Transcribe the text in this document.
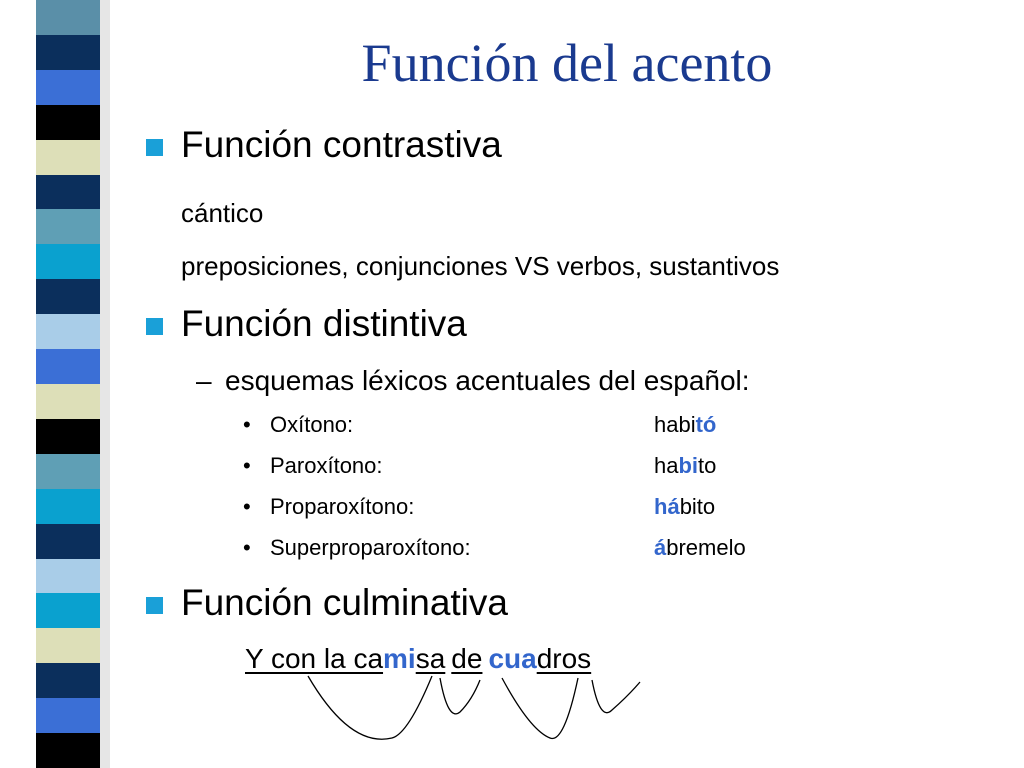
Función del acento
Función contrastiva
cántico
preposiciones, conjunciones VS verbos, sustantivos
Función distintiva
– esquemas léxicos acentuales del español:
• Oxítono:	habitó
• Paroxítono:	habito
• Proparoxítono:	hábito
• Superproparoxítono:	ábremelo
Función culminativa
Y con la camisa de cuadros
